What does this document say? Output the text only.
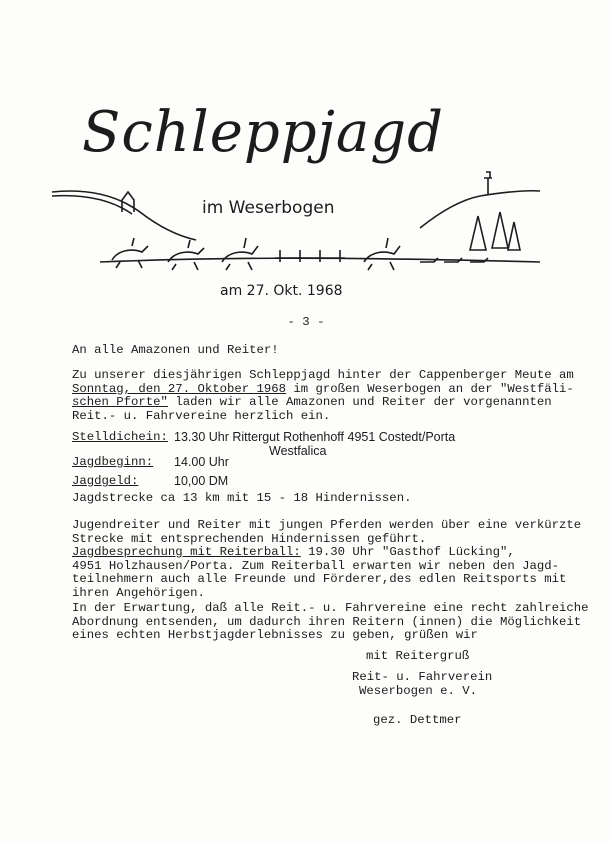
Schleppjagd
im Weserbogen
am 27. Okt. 1968
- 3 -
An alle Amazonen und Reiter!
Zu unserer diesjährigen Schleppjagd hinter der Cappenberger Meute am
Sonntag, den 27. Oktober 1968 im großen Weserbogen an der "Westfäli-
schen Pforte" laden wir alle Amazonen und Reiter der vorgenannten
Reit.- u. Fahrvereine herzlich ein.
Stelldichein: 13.30 Uhr Rittergut Rothenhoff 4951 Costedt/Porta
Westfalica
Jagdbeginn: 14.00 Uhr
Jagdgeld:	10,00 DM
Jagdstrecke ca 13 km mit 15 - 18 Hindernissen.
Jugendreiter und Reiter mit jungen Pferden werden über eine verkürzte
Strecke mit entsprechenden Hindernissen geführt.
Jagdbesprechung mit Reiterball: 19.30 Uhr "Gasthof Lücking",
4951 Holzhausen/Porta. Zum Reiterball erwarten wir neben den Jagd-
teilnehmern auch alle Freunde und Förderer,des edlen Reitsports mit
ihren Angehörigen.
In der Erwartung, daß alle Reit.- u. Fahrvereine eine recht zahlreiche
Abordnung entsenden, um dadurch ihren Reitern (innen) die Möglichkeit
eines echten Herbstjagderlebnisses zu geben, grüßen wir
mit Reitergruß
Reit- u. Fahrverein
Weserbogen e. V.
gez. Dettmer
